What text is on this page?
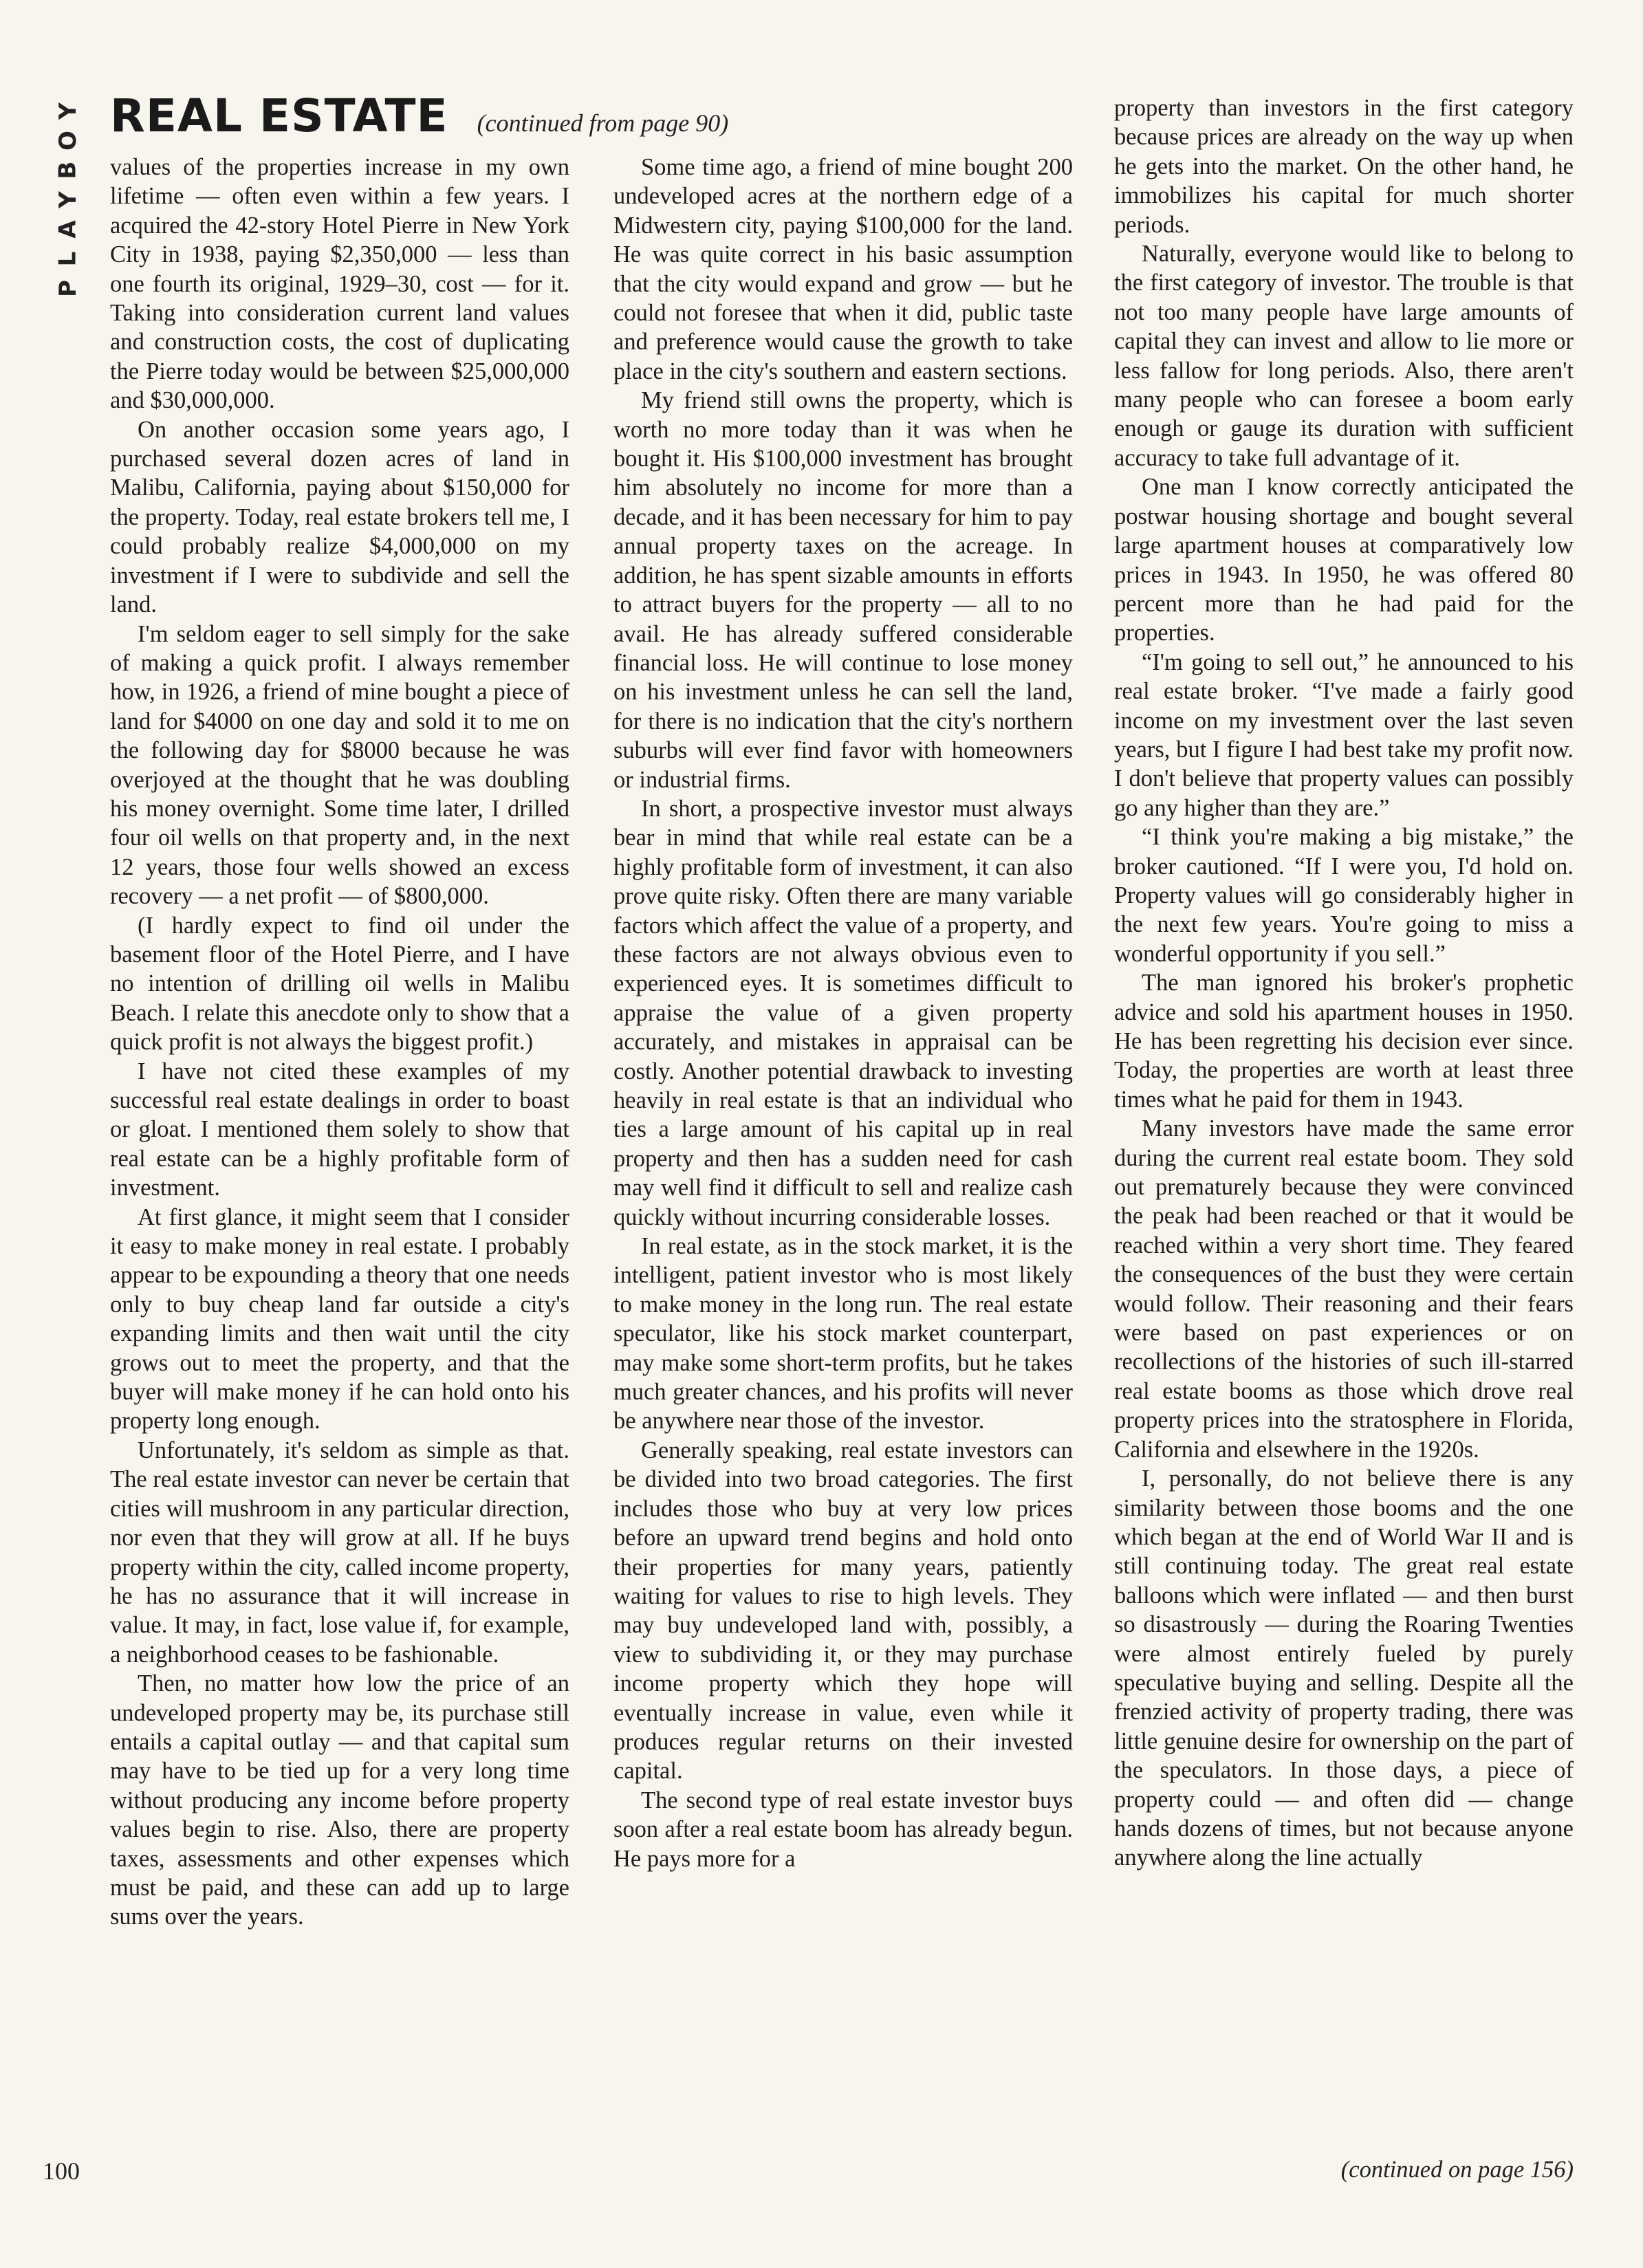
Y
O
B
Y
A
L
P
REAL ESTATE (continued from page 90)

values of the properties increase in my own lifetime — often even within a few years. I acquired the 42-story Hotel Pierre in New York City in 1938, paying $2,350,000 — less than one fourth its original, 1929–30, cost — for it. Taking into consideration current land values and construction costs, the cost of duplicating the Pierre today would be between $25,000,000 and $30,000,000.

On another occasion some years ago, I purchased several dozen acres of land in Malibu, California, paying about $150,000 for the property. Today, real estate brokers tell me, I could probably realize $4,000,000 on my investment if I were to subdivide and sell the land.

I'm seldom eager to sell simply for the sake of making a quick profit. I always remember how, in 1926, a friend of mine bought a piece of land for $4000 on one day and sold it to me on the following day for $8000 because he was overjoyed at the thought that he was doubling his money overnight. Some time later, I drilled four oil wells on that property and, in the next 12 years, those four wells showed an excess recovery — a net profit — of $800,000.

(I hardly expect to find oil under the basement floor of the Hotel Pierre, and I have no intention of drilling oil wells in Malibu Beach. I relate this anecdote only to show that a quick profit is not always the biggest profit.)

I have not cited these examples of my successful real estate dealings in order to boast or gloat. I mentioned them solely to show that real estate can be a highly profitable form of investment.

At first glance, it might seem that I consider it easy to make money in real estate. I probably appear to be expounding a theory that one needs only to buy cheap land far outside a city's expanding limits and then wait until the city grows out to meet the property, and that the buyer will make money if he can hold onto his property long enough.

Unfortunately, it's seldom as simple as that. The real estate investor can never be certain that cities will mushroom in any particular direction, nor even that they will grow at all. If he buys property within the city, called income property, he has no assurance that it will increase in value. It may, in fact, lose value if, for example, a neighborhood ceases to be fashionable.

Then, no matter how low the price of an undeveloped property may be, its purchase still entails a capital outlay — and that capital sum may have to be tied up for a very long time without producing any income before property values begin to rise. Also, there are property taxes, assessments and other expenses which must be paid, and these can add up to large sums over the years.

Some time ago, a friend of mine bought 200 undeveloped acres at the northern edge of a Midwestern city, paying $100,000 for the land. He was quite correct in his basic assumption that the city would expand and grow — but he could not foresee that when it did, public taste and preference would cause the growth to take place in the city's southern and eastern sections.

My friend still owns the property, which is worth no more today than it was when he bought it. His $100,000 investment has brought him absolutely no income for more than a decade, and it has been necessary for him to pay annual property taxes on the acreage. In addition, he has spent sizable amounts in efforts to attract buyers for the property — all to no avail. He has already suffered considerable financial loss. He will continue to lose money on his investment unless he can sell the land, for there is no indication that the city's northern suburbs will ever find favor with homeowners or industrial firms.

In short, a prospective investor must always bear in mind that while real estate can be a highly profitable form of investment, it can also prove quite risky. Often there are many variable factors which affect the value of a property, and these factors are not always obvious even to experienced eyes. It is sometimes difficult to appraise the value of a given property accurately, and mistakes in appraisal can be costly. Another potential drawback to investing heavily in real estate is that an individual who ties a large amount of his capital up in real property and then has a sudden need for cash may well find it difficult to sell and realize cash quickly without incurring considerable losses.

In real estate, as in the stock market, it is the intelligent, patient investor who is most likely to make money in the long run. The real estate speculator, like his stock market counterpart, may make some short-term profits, but he takes much greater chances, and his profits will never be anywhere near those of the investor.

Generally speaking, real estate investors can be divided into two broad categories. The first includes those who buy at very low prices before an upward trend begins and hold onto their properties for many years, patiently waiting for values to rise to high levels. They may buy undeveloped land with, possibly, a view to subdividing it, or they may purchase income property which they hope will eventually increase in value, even while it produces regular returns on their invested capital.

The second type of real estate investor buys soon after a real estate boom has already begun. He pays more for a

property than investors in the first category because prices are already on the way up when he gets into the market. On the other hand, he immobilizes his capital for much shorter periods.

Naturally, everyone would like to belong to the first category of investor. The trouble is that not too many people have large amounts of capital they can invest and allow to lie more or less fallow for long periods. Also, there aren't many people who can foresee a boom early enough or gauge its duration with sufficient accuracy to take full advantage of it.

One man I know correctly anticipated the postwar housing shortage and bought several large apartment houses at comparatively low prices in 1943. In 1950, he was offered 80 percent more than he had paid for the properties.

“I'm going to sell out,” he announced to his real estate broker. “I've made a fairly good income on my investment over the last seven years, but I figure I had best take my profit now. I don't believe that property values can possibly go any higher than they are.”

“I think you're making a big mistake,” the broker cautioned. “If I were you, I'd hold on. Property values will go considerably higher in the next few years. You're going to miss a wonderful opportunity if you sell.”

The man ignored his broker's prophetic advice and sold his apartment houses in 1950. He has been regretting his decision ever since. Today, the properties are worth at least three times what he paid for them in 1943.

Many investors have made the same error during the current real estate boom. They sold out prematurely because they were convinced the peak had been reached or that it would be reached within a very short time. They feared the consequences of the bust they were certain would follow. Their reasoning and their fears were based on past experiences or on recollections of the histories of such ill-starred real estate booms as those which drove real property prices into the stratosphere in Florida, California and elsewhere in the 1920s.

I, personally, do not believe there is any similarity between those booms and the one which began at the end of World War II and is still continuing today. The great real estate balloons which were inflated — and then burst so disastrously — during the Roaring Twenties were almost entirely fueled by purely speculative buying and selling. Despite all the frenzied activity of property trading, there was little genuine desire for ownership on the part of the speculators. In those days, a piece of property could — and often did — change hands dozens of times, but not because anyone anywhere along the line actually

(continued on page 156)
100
